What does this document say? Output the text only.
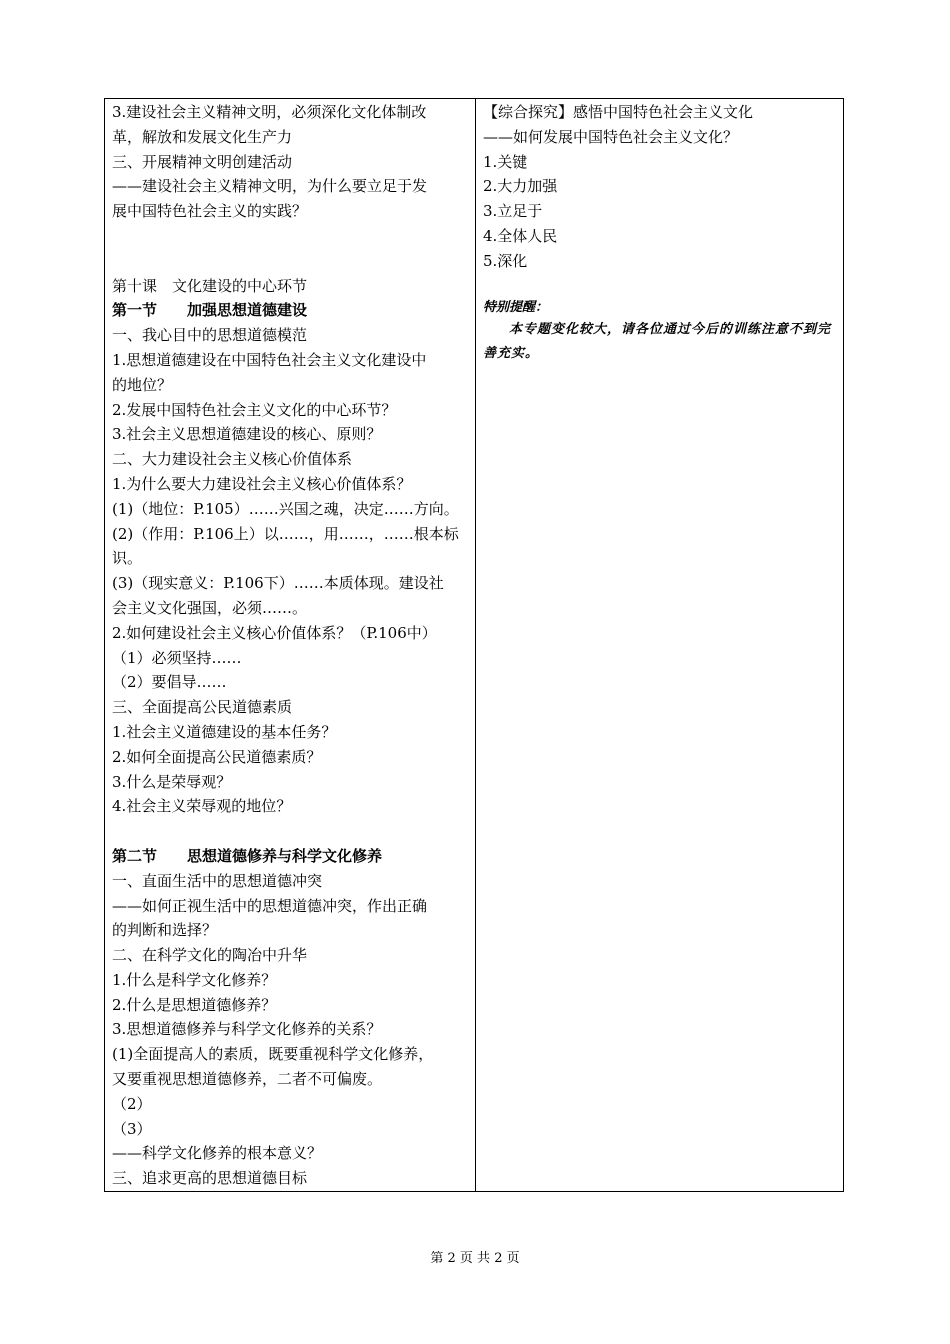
3.建设社会主义精神文明，必须深化文化体制改
革，解放和发展文化生产力
三、开展精神文明创建活动
——建设社会主义精神文明，为什么要立足于发
展中国特色社会主义的实践？
第十课　文化建设的中心环节
第一节　　加强思想道德建设
一、我心目中的思想道德模范
1.思想道德建设在中国特色社会主义文化建设中
的地位？
2.发展中国特色社会主义文化的中心环节？
3.社会主义思想道德建设的核心、原则？
二、大力建设社会主义核心价值体系
1.为什么要大力建设社会主义核心价值体系？
(1)（地位：P.105）……兴国之魂，决定……方向。
(2)（作用：P.106上）以……，用……，……根本标
识。
(3)（现实意义：P.106下）……本质体现。建设社
会主义文化强国，必须……。
2.如何建设社会主义核心价值体系？（P.106中）
（1）必须坚持……
（2）要倡导……
三、全面提高公民道德素质
1.社会主义道德建设的基本任务？
2.如何全面提高公民道德素质？
3.什么是荣辱观？
4.社会主义荣辱观的地位？
第二节　　思想道德修养与科学文化修养
一、直面生活中的思想道德冲突
——如何正视生活中的思想道德冲突，作出正确
的判断和选择？
二、在科学文化的陶冶中升华
1.什么是科学文化修养？
2.什么是思想道德修养？
3.思想道德修养与科学文化修养的关系？
(1)全面提高人的素质，既要重视科学文化修养，
又要重视思想道德修养，二者不可偏废。
（2）
（3）
——科学文化修养的根本意义？
三、追求更高的思想道德目标
【综合探究】感悟中国特色社会主义文化
——如何发展中国特色社会主义文化？
1.关键
2.大力加强
3.立足于
4.全体人民
5.深化
特别提醒：
本专题变化较大，请各位通过今后的训练注意不到完善充实。
第 2 页 共 2 页
